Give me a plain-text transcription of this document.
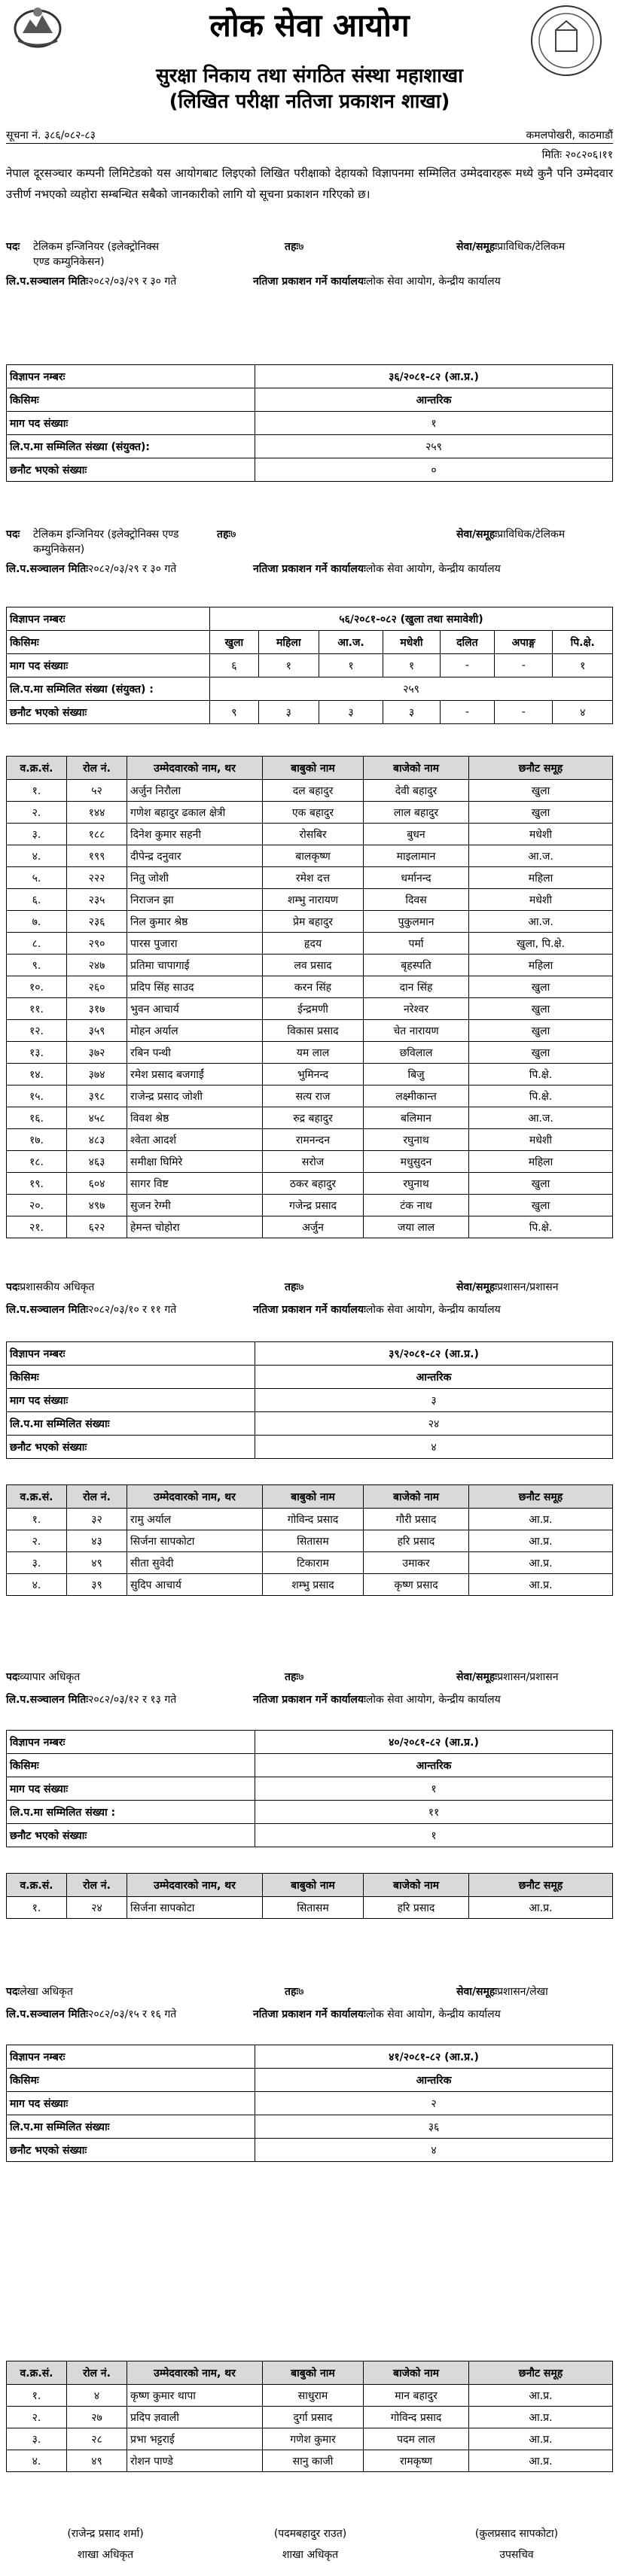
लोक सेवा आयोग
सुरक्षा निकाय तथा संगठित संस्था महाशाखा
(लिखित परीक्षा नतिजा प्रकाशन शाखा)
सूचना नं. ३८६/०८२-८३	कमलपोखरी, काठमाडौं
मितिः २०८२०६।११
नेपाल दूरसञ्चार कम्पनी लिमिटेडको यस आयोगबाट लिइएको लिखित परीक्षाको देहायको विज्ञापनमा सम्मिलित उम्मेदवारहरू मध्ये कुनै पनि उम्मेदवार उत्तीर्ण नभएको व्यहोरा सम्बन्धित सबैको जानकारीको लागि यो सूचना प्रकाशन गरिएको छ।
पदः टेलिकम इन्जिनियर (इलेक्ट्रोनिक्स एण्ड कम्युनिकेसन)
तहः ७	सेवा/समूहः प्राविधिक/टेलिकम
लि.प.सञ्चालन मितिः २०८२/०३/२९ र ३० गते	नतिजा प्रकाशन गर्ने कार्यालयः लोक सेवा आयोग, केन्द्रीय कार्यालय
विज्ञापन नम्बरः	३६/२०८१-८२ (आ.प्र.)
किसिमः	आन्तरिक
माग पद संख्याः	१
लि.प.मा सम्मिलित संख्या (संयुक्त):	२५९
छनौट भएको संख्याः	०
पदः टेलिकम इन्जिनियर (इलेक्ट्रोनिक्स एण्ड कम्युनिकेसन)
तहः ७	सेवा/समूहः प्राविधिक/टेलिकम
लि.प.सञ्चालन मितिः २०८२/०३/२९ र ३० गते	नतिजा प्रकाशन गर्ने कार्यालयः लोक सेवा आयोग, केन्द्रीय कार्यालय
विज्ञापन नम्बरः	५६/२०८१-०८२ (खुला तथा समावेशी)						
किसिमः	खुला	महिला	आ.ज.	मधेशी	दलित	अपाङ्ग	पि.क्षे.
माग पद संख्याः	६	१	१	१	-	-	१
लि.प.मा सम्मिलित संख्या (संयुक्त) :	२५९						
छनौट भएको संख्याः	९	३	३	३	-	-	४
व.क्र.सं.	रोल नं.	उम्मेदवारको नाम, थर	बाबुको नाम	बाजेको नाम	छनौट समूह
१.	५२	अर्जुन निरौला	दल बहादुर	देवी बहादुर	खुला
२.	१४४	गणेश बहादुर ढकाल क्षेत्री	एक बहादुर	लाल बहादुर	खुला
३.	१८८	दिनेश कुमार सहनी	रोसबिर	बुधन	मधेशी
४.	१९९	दीपेन्द्र दनुवार	बालकृष्ण	माइलामान	आ.ज.
५.	२२२	नितु जोशी	रमेश दत्त	धर्मानन्द	महिला
६.	२३५	निराजन झा	शम्भु नारायण	दिवस	मधेशी
७.	२३६	निल कुमार श्रेष्ठ	प्रेम बहादुर	पुकुलमान	आ.ज.
८.	२९०	पारस पुजारा	हृदय	पर्मा	खुला, पि.क्षे.
९.	२४७	प्रतिमा चापागाई	लव प्रसाद	बृहस्पति	महिला
१०.	२६०	प्रदिप सिंह साउद	करन सिंह	दान सिंह	खुला
११.	३१७	भुवन आचार्य	ईन्द्रमणी	नरेश्वर	खुला
१२.	३५९	मोहन अर्याल	विकास प्रसाद	चेत नारायण	खुला
१३.	३७२	रबिन पन्थी	यम लाल	छविलाल	खुला
१४.	३७४	रमेश प्रसाद बजगाईं	भुमिनन्द	बिजु	पि.क्षे.
१५.	३९८	राजेन्द्र प्रसाद जोशी	सत्य राज	लक्ष्मीकान्त	पि.क्षे.
१६.	४५८	विवश श्रेष्ठ	रुद्र बहादुर	बलिमान	आ.ज.
१७.	४८३	श्वेता आदर्श	रामनन्दन	रघुनाथ	मधेशी
१८.	४६३	समीक्षा घिमिरे	सरोज	मधुसुदन	महिला
१९.	६०४	सागर विष्ट	ठकर बहादुर	रघुनाथ	खुला
२०.	४९७	सुजन रेग्मी	गजेन्द्र प्रसाद	टंक नाथ	खुला
२१.	६२२	हेमन्त चोहोरा	अर्जुन	जया लाल	पि.क्षे.
पदः प्रशासकीय अधिकृत	तहः ७	सेवा/समूहः प्रशासन/प्रशासन
लि.प.सञ्चालन मितिः २०८२/०३/१० र ११ गते	नतिजा प्रकाशन गर्ने कार्यालयः लोक सेवा आयोग, केन्द्रीय कार्यालय
विज्ञापन नम्बरः	३९/२०८१-८२ (आ.प्र.)
किसिमः	आन्तरिक
माग पद संख्याः	३
लि.प.मा सम्मिलित संख्याः	२४
छनौट भएको संख्याः	४
व.क्र.सं.	रोल नं.	उम्मेदवारको नाम, थर	बाबुको नाम	बाजेको नाम	छनौट समूह
१.	३२	रामु अर्याल	गोविन्द प्रसाद	गौरी प्रसाद	आ.प्र.
२.	४३	सिर्जना सापकोटा	सितासम	हरि प्रसाद	आ.प्र.
३.	४९	सीता सुवेदी	टिकाराम	उमाकर	आ.प्र.
४.	३९	सुदिप आचार्य	शम्भु प्रसाद	कृष्ण प्रसाद	आ.प्र.
पदः व्यापार अधिकृत	तहः ७	सेवा/समूहः प्रशासन/प्रशासन
लि.प.सञ्चालन मितिः २०८२/०३/१२ र १३ गते	नतिजा प्रकाशन गर्ने कार्यालयः लोक सेवा आयोग, केन्द्रीय कार्यालय
विज्ञापन नम्बरः	४०/२०८१-८२ (आ.प्र.)
किसिमः	आन्तरिक
माग पद संख्याः	१
लि.प.मा सम्मिलित संख्या :	११
छनौट भएको संख्याः	१
व.क्र.सं.	रोल नं.	उम्मेदवारको नाम, थर	बाबुको नाम	बाजेको नाम	छनौट समूह
१.	२४	सिर्जना सापकोटा	सितासम	हरि प्रसाद	आ.प्र.
पदः लेखा अधिकृत	तहः ७	सेवा/समूहः प्रशासन/लेखा
लि.प.सञ्चालन मितिः २०८२/०३/१५ र १६ गते	नतिजा प्रकाशन गर्ने कार्यालयः लोक सेवा आयोग, केन्द्रीय कार्यालय
विज्ञापन नम्बरः	४१/२०८१-८२ (आ.प्र.)
किसिमः	आन्तरिक
माग पद संख्याः	२
लि.प.मा सम्मिलित संख्याः	३६
छनौट भएको संख्याः	४
व.क्र.सं.	रोल नं.	उम्मेदवारको नाम, थर	बाबुको नाम	बाजेको नाम	छनौट समूह
१.	४	कृष्ण कुमार थापा	साधुराम	मान बहादुर	आ.प्र.
२.	२७	प्रदिप ज्ञवाली	दुर्गा प्रसाद	गोविन्द प्रसाद	आ.प्र.
३.	२८	प्रभा भट्टराई	गणेश कुमार	पदम लाल	आ.प्र.
४.	४९	रोशन पाण्डे	सानु काजी	रामकृष्ण	आ.प्र.
(राजेन्द्र प्रसाद शर्मा)
शाखा अधिकृत
(पदमबहादुर राउत)
शाखा अधिकृत
(कुलप्रसाद सापकोटा)
उपसचिव
